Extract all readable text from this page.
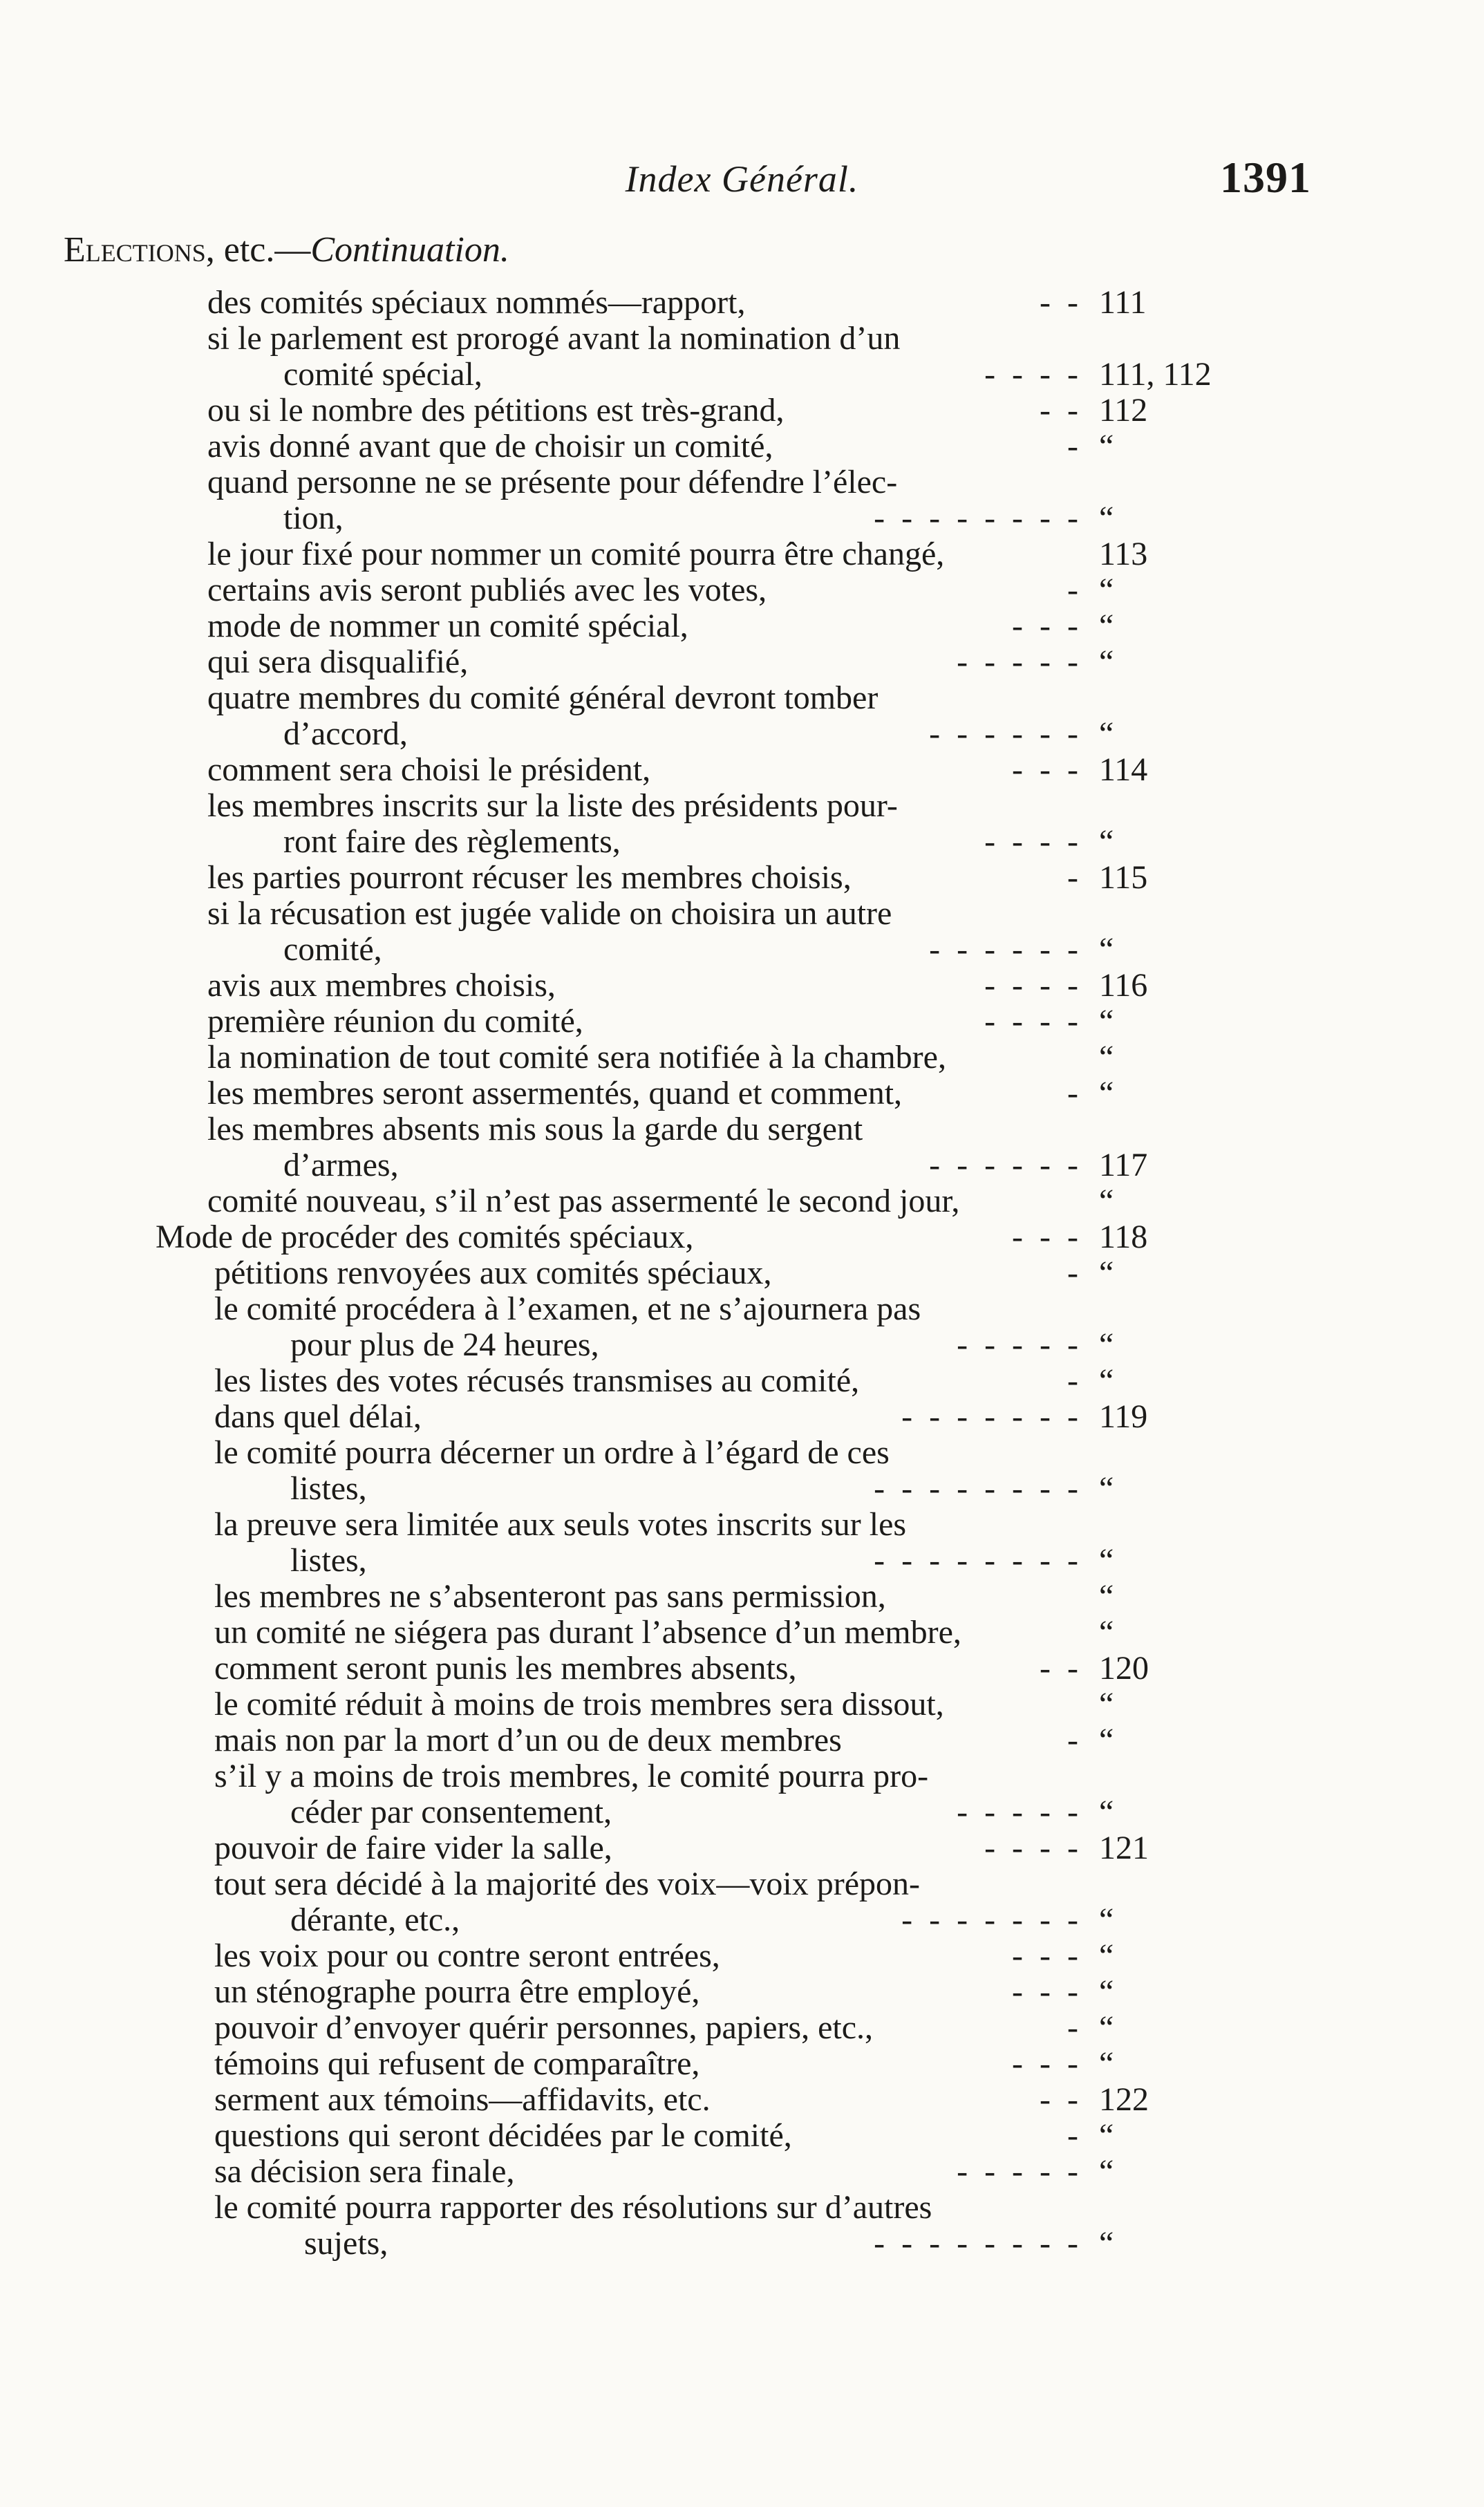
Index Général.	1391
Elections, etc.—Continuation.
des comités spéciaux nommés—rapport,	-  - 111
si le parlement est prorogé avant la nomination d’un
comité spécial,	-  -  -  - 111, 112
ou si le nombre des pétitions est très-grand,	-  - 112
avis donné avant que de choisir un comité,	- “
quand personne ne se présente pour défendre l’élec-
tion,	-  -  -  -  -  -  -  - “
le jour fixé pour nommer un comité pourra être changé,	113
certains avis seront publiés avec les votes,	- “
mode de nommer un comité spécial,	-  -  - “
qui sera disqualifié,	-  -  -  -  - “
quatre membres du comité général devront tomber
d’accord,	-  -  -  -  -  - “
comment sera choisi le président,	-  -  - 114
les membres inscrits sur la liste des présidents pour-
ront faire des règlements,	-  -  -  - “
les parties pourront récuser les membres choisis,	- 115
si la récusation est jugée valide on choisira un autre
comité,	-  -  -  -  -  - “
avis aux membres choisis,	-  -  -  - 116
première réunion du comité,	-  -  -  - “
la nomination de tout comité sera notifiée à la chambre,	“
les membres seront assermentés, quand et comment,	- “
les membres absents mis sous la garde du sergent
d’armes,	-  -  -  -  -  - 117
comité nouveau, s’il n’est pas assermenté le second jour,	“
Mode de procéder des comités spéciaux,	-  -  - 118
pétitions renvoyées aux comités spéciaux,	- “
le comité procédera à l’examen, et ne s’ajournera pas
pour plus de 24 heures,	-  -  -  -  - “
les listes des votes récusés transmises au comité,	- “
dans quel délai,	-  -  -  -  -  -  - 119
le comité pourra décerner un ordre à l’égard de ces
listes,	-  -  -  -  -  -  -  - “
la preuve sera limitée aux seuls votes inscrits sur les
listes,	-  -  -  -  -  -  -  - “
les membres ne s’absenteront pas sans permission,	“
un comité ne siégera pas durant l’absence d’un membre,	“
comment seront punis les membres absents,	-  - 120
le comité réduit à moins de trois membres sera dissout,	“
mais non par la mort d’un ou de deux membres	- “
s’il y a moins de trois membres, le comité pourra pro-
céder par consentement,	-  -  -  -  - “
pouvoir de faire vider la salle,	-  -  -  - 121
tout sera décidé à la majorité des voix—voix prépon-
dérante, etc.,	-  -  -  -  -  -  - “
les voix pour ou contre seront entrées,	-  -  - “
un sténographe pourra être employé,	-  -  - “
pouvoir d’envoyer quérir personnes, papiers, etc.,	- “
témoins qui refusent de comparaître,	-  -  - “
serment aux témoins—affidavits, etc.	-  - 122
questions qui seront décidées par le comité,	- “
sa décision sera finale,	-  -  -  -  - “
le comité pourra rapporter des résolutions sur d’autres
sujets,	-  -  -  -  -  -  -  - “
